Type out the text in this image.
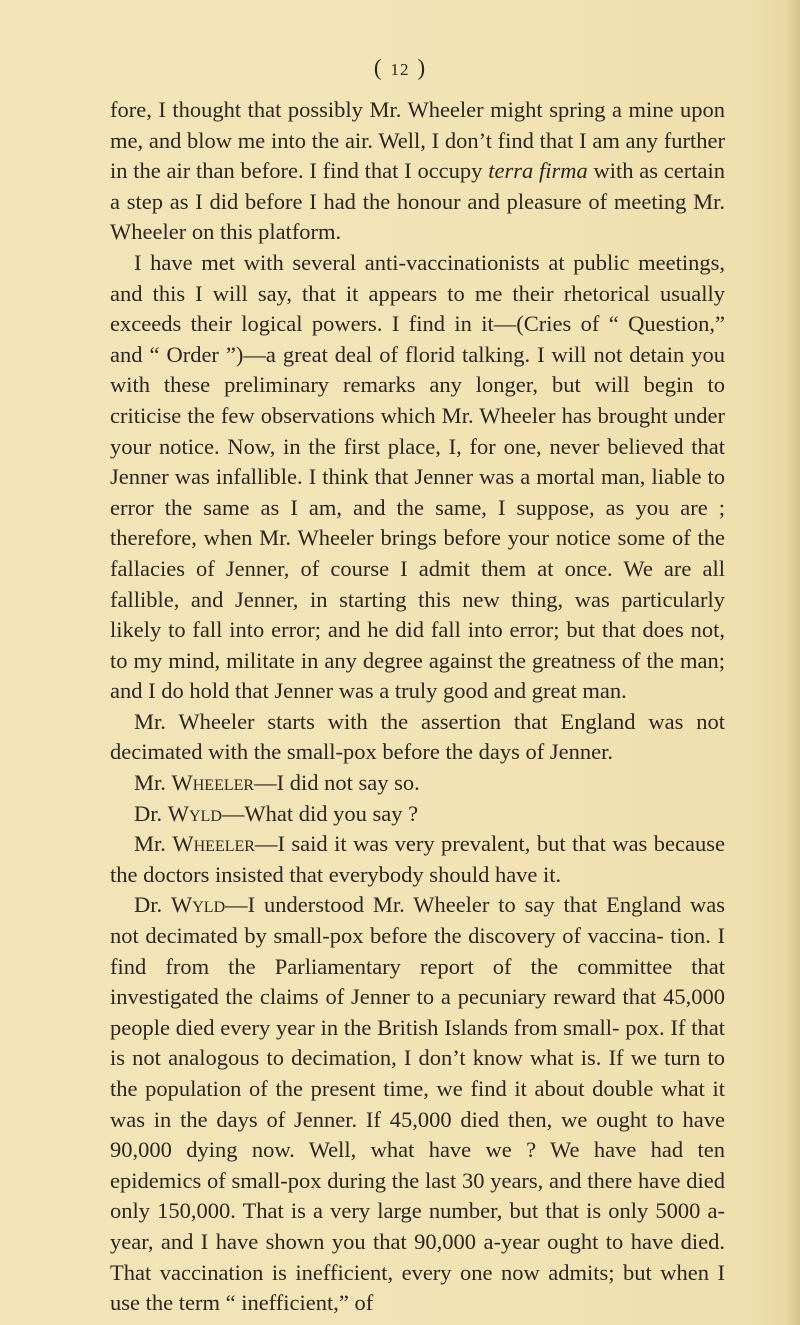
( 12 )

fore, I thought that possibly Mr. Wheeler might spring a mine upon me, and blow me into the air. Well, I don’t find that I am any further in the air than before. I find that I occupy terra firma with as certain a step as I did before I had the honour and pleasure of meeting Mr. Wheeler on this platform.

I have met with several anti-vaccinationists at public meetings, and this I will say, that it appears to me their rhetorical usually exceeds their logical powers. I find in it—(Cries of “ Question,” and “ Order ”)—a great deal of florid talking. I will not detain you with these preliminary remarks any longer, but will begin to criticise the few observations which Mr. Wheeler has brought under your notice. Now, in the first place, I, for one, never believed that Jenner was infallible. I think that Jenner was a mortal man, liable to error the same as I am, and the same, I suppose, as you are ; therefore, when Mr. Wheeler brings before your notice some of the fallacies of Jenner, of course I admit them at once. We are all fallible, and Jenner, in starting this new thing, was particularly likely to fall into error; and he did fall into error; but that does not, to my mind, militate in any degree against the greatness of the man; and I do hold that Jenner was a truly good and great man.

Mr. Wheeler starts with the assertion that England was not decimated with the small-pox before the days of Jenner.

Mr. Wheeler—I did not say so.

Dr. Wyld—What did you say ?

Mr. Wheeler—I said it was very prevalent, but that was because the doctors insisted that everybody should have it.

Dr. Wyld—I understood Mr. Wheeler to say that England was not decimated by small-pox before the discovery of vaccina- tion. I find from the Parliamentary report of the committee that investigated the claims of Jenner to a pecuniary reward that 45,000 people died every year in the British Islands from small- pox. If that is not analogous to decimation, I don’t know what is. If we turn to the population of the present time, we find it about double what it was in the days of Jenner. If 45,000 died then, we ought to have 90,000 dying now. Well, what have we ? We have had ten epidemics of small-pox during the last 30 years, and there have died only 150,000. That is a very large number, but that is only 5000 a-year, and I have shown you that 90,000 a-year ought to have died. That vaccination is inefficient, every one now admits; but when I use the term “ inefficient,” of
